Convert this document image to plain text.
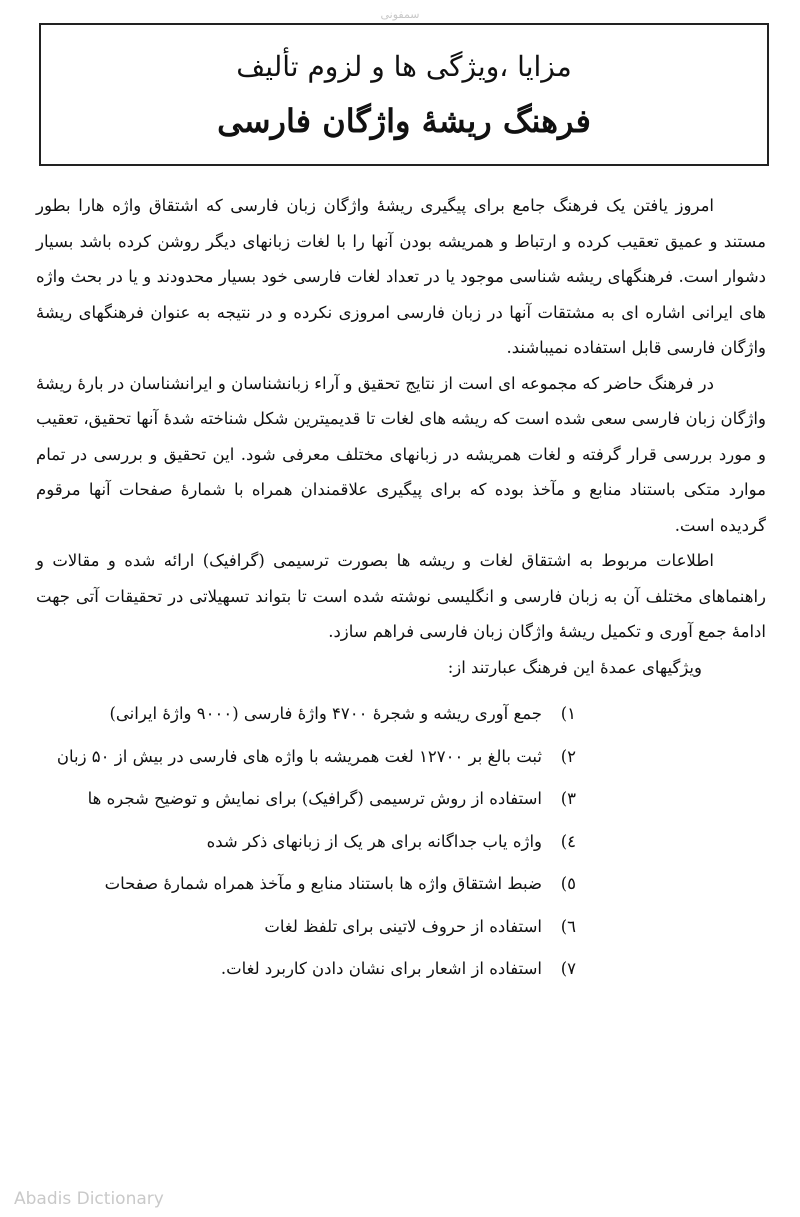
سمفونی
مزایا ،ویژگی ها و لزوم تألیف
فرهنگ ریشۀ واژگان فارسی

امروز یافتن یک فرهنگ جامع برای پیگیری ریشۀ واژگان زبان فارسی که اشتقاق واژه هارا بطور مستند و عمیق تعقیب کرده و ارتباط و همریشه بودن آنها را با لغات زبانهای دیگر روشن کرده باشد بسیار دشوار است. فرهنگهای ریشه شناسی موجود یا در تعداد لغات فارسی خود بسیار محدودند و یا در بحث واژه های ایرانی اشاره ای به مشتقات آنها در زبان فارسی امروزی نکرده و در نتیجه به عنوان فرهنگهای ریشۀ واژگان فارسی قابل استفاده نمیباشند.

در فرهنگ حاضر که مجموعه ای است از نتایج تحقیق و آراء زبانشناسان و ایرانشناسان در بارۀ ریشۀ واژگان زبان فارسی سعی شده است که ریشه های لغات تا قدیمیترین شکل شناخته شدۀ آنها تحقیق، تعقیب و مورد بررسی قرار گرفته و لغات همریشه در زبانهای مختلف معرفی شود. این تحقیق و بررسی در تمام موارد متکی باستناد منابع و مآخذ بوده که برای پیگیری علاقمندان همراه با شمارۀ صفحات آنها مرقوم گردیده است.

اطلاعات مربوط به اشتقاق لغات و ریشه ها بصورت ترسیمی (گرافیک) ارائه شده و مقالات و راهنماهای مختلف آن به زبان فارسی و انگلیسی نوشته شده است تا بتواند تسهیلاتی در تحقیقات آتی جهت ادامۀ جمع آوری و تکمیل ریشۀ واژگان زبان فارسی فراهم سازد.

ویژگیهای عمدۀ این فرهنگ عبارتند از:

۱)
جمع آوری ریشه و شجرۀ ۴۷۰۰ واژۀ فارسی (۹۰۰۰ واژۀ ایرانی)
۲)
ثبت بالغ بر ۱۲۷۰۰ لغت همریشه با واژه های فارسی در بیش از ۵۰ زبان
۳)
استفاده از روش ترسیمی (گرافیک) برای نمایش و توضیح شجره ها
٤)
واژه یاب جداگانه برای هر یک از زبانهای ذکر شده
٥)
ضبط اشتقاق واژه ها باستناد منابع و مآخذ همراه شمارۀ صفحات
٦)
استفاده از حروف لاتینی برای تلفظ لغات
۷)
استفاده از اشعار برای نشان دادن کاربرد لغات.
Abadis Dictionary
